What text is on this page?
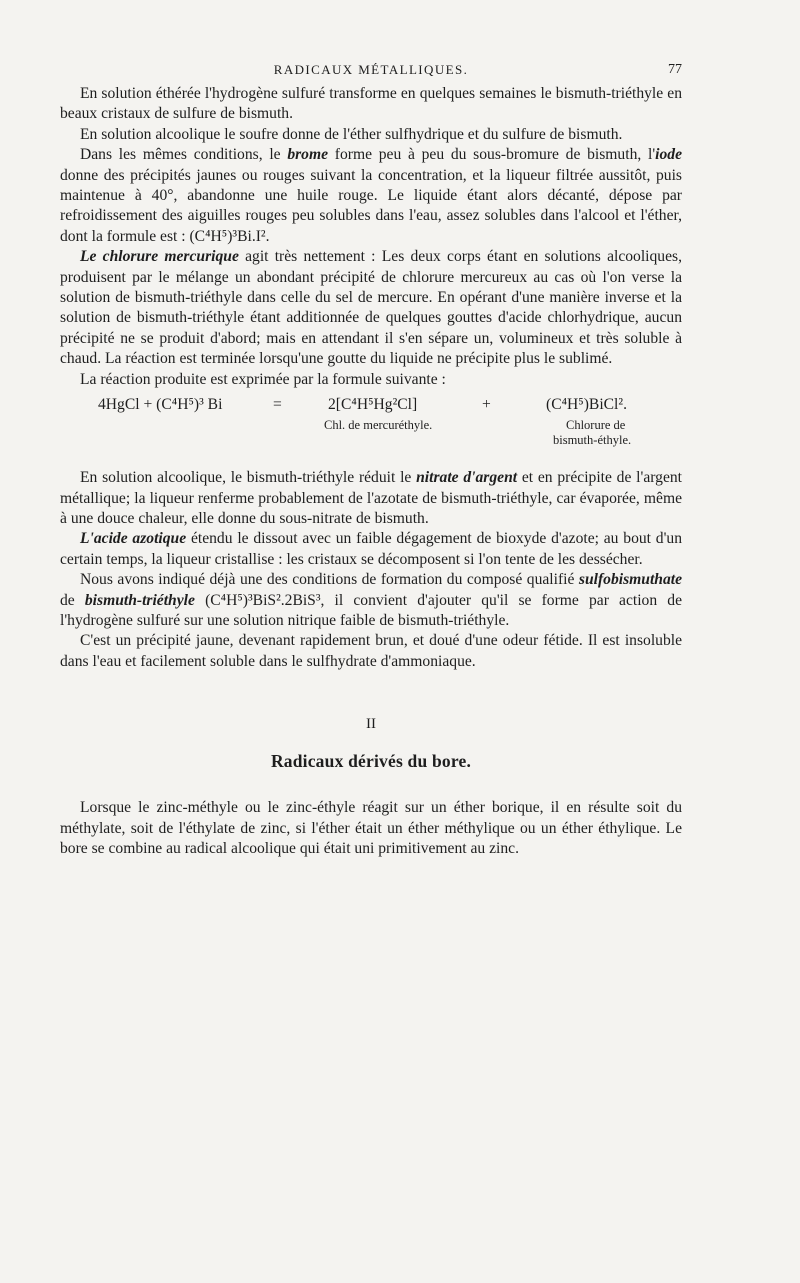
RADICAUX MÉTALLIQUES.	77

En solution éthérée l'hydrogène sulfuré transforme en quelques semaines le bismuth-triéthyle en beaux cristaux de sulfure de bismuth.

En solution alcoolique le soufre donne de l'éther sulfhydrique et du sulfure de bismuth.

Dans les mêmes conditions, le brome forme peu à peu du sous-bromure de bismuth, l'iode donne des précipités jaunes ou rouges suivant la concentration, et la liqueur filtrée aussitôt, puis maintenue à 40°, abandonne une huile rouge. Le liquide étant alors décanté, dépose par refroidissement des aiguilles rouges peu solubles dans l'eau, assez solubles dans l'alcool et l'éther, dont la formule est : (C⁴H⁵)³Bi.I².

Le chlorure mercurique agit très nettement : Les deux corps étant en solutions alcooliques, produisent par le mélange un abondant précipité de chlorure mercureux au cas où l'on verse la solution de bismuth-triéthyle dans celle du sel de mercure. En opérant d'une manière inverse et la solution de bismuth-triéthyle étant additionnée de quelques gouttes d'acide chlorhydrique, aucun précipité ne se produit d'abord; mais en attendant il s'en sépare un, volumineux et très soluble à chaud. La réaction est terminée lorsqu'une goutte du liquide ne précipite plus le sublimé.

La réaction produite est exprimée par la formule suivante :

4HgCl + (C⁴H⁵)³ Bi	=	2[C⁴H⁵Hg²Cl]	+	(C⁴H⁵)BiCl².
Chl. de mercuréthyle.	Chlorure de
bismuth-éthyle.

En solution alcoolique, le bismuth-triéthyle réduit le nitrate d'argent et en précipite de l'argent métallique; la liqueur renferme probablement de l'azotate de bismuth-triéthyle, car évaporée, même à une douce chaleur, elle donne du sous-nitrate de bismuth.

L'acide azotique étendu le dissout avec un faible dégagement de bioxyde d'azote; au bout d'un certain temps, la liqueur cristallise : les cristaux se décomposent si l'on tente de les dessécher.

Nous avons indiqué déjà une des conditions de formation du composé qualifié sulfobismuthate de bismuth-triéthyle (C⁴H⁵)³BiS².2BiS³, il convient d'ajouter qu'il se forme par action de l'hydrogène sulfuré sur une solution nitrique faible de bismuth-triéthyle.

C'est un précipité jaune, devenant rapidement brun, et doué d'une odeur fétide. Il est insoluble dans l'eau et facilement soluble dans le sulfhydrate d'ammoniaque.

II
Radicaux dérivés du bore.

Lorsque le zinc-méthyle ou le zinc-éthyle réagit sur un éther borique, il en résulte soit du méthylate, soit de l'éthylate de zinc, si l'éther était un éther méthylique ou un éther éthylique. Le bore se combine au radical alcoolique qui était uni primitivement au zinc.
